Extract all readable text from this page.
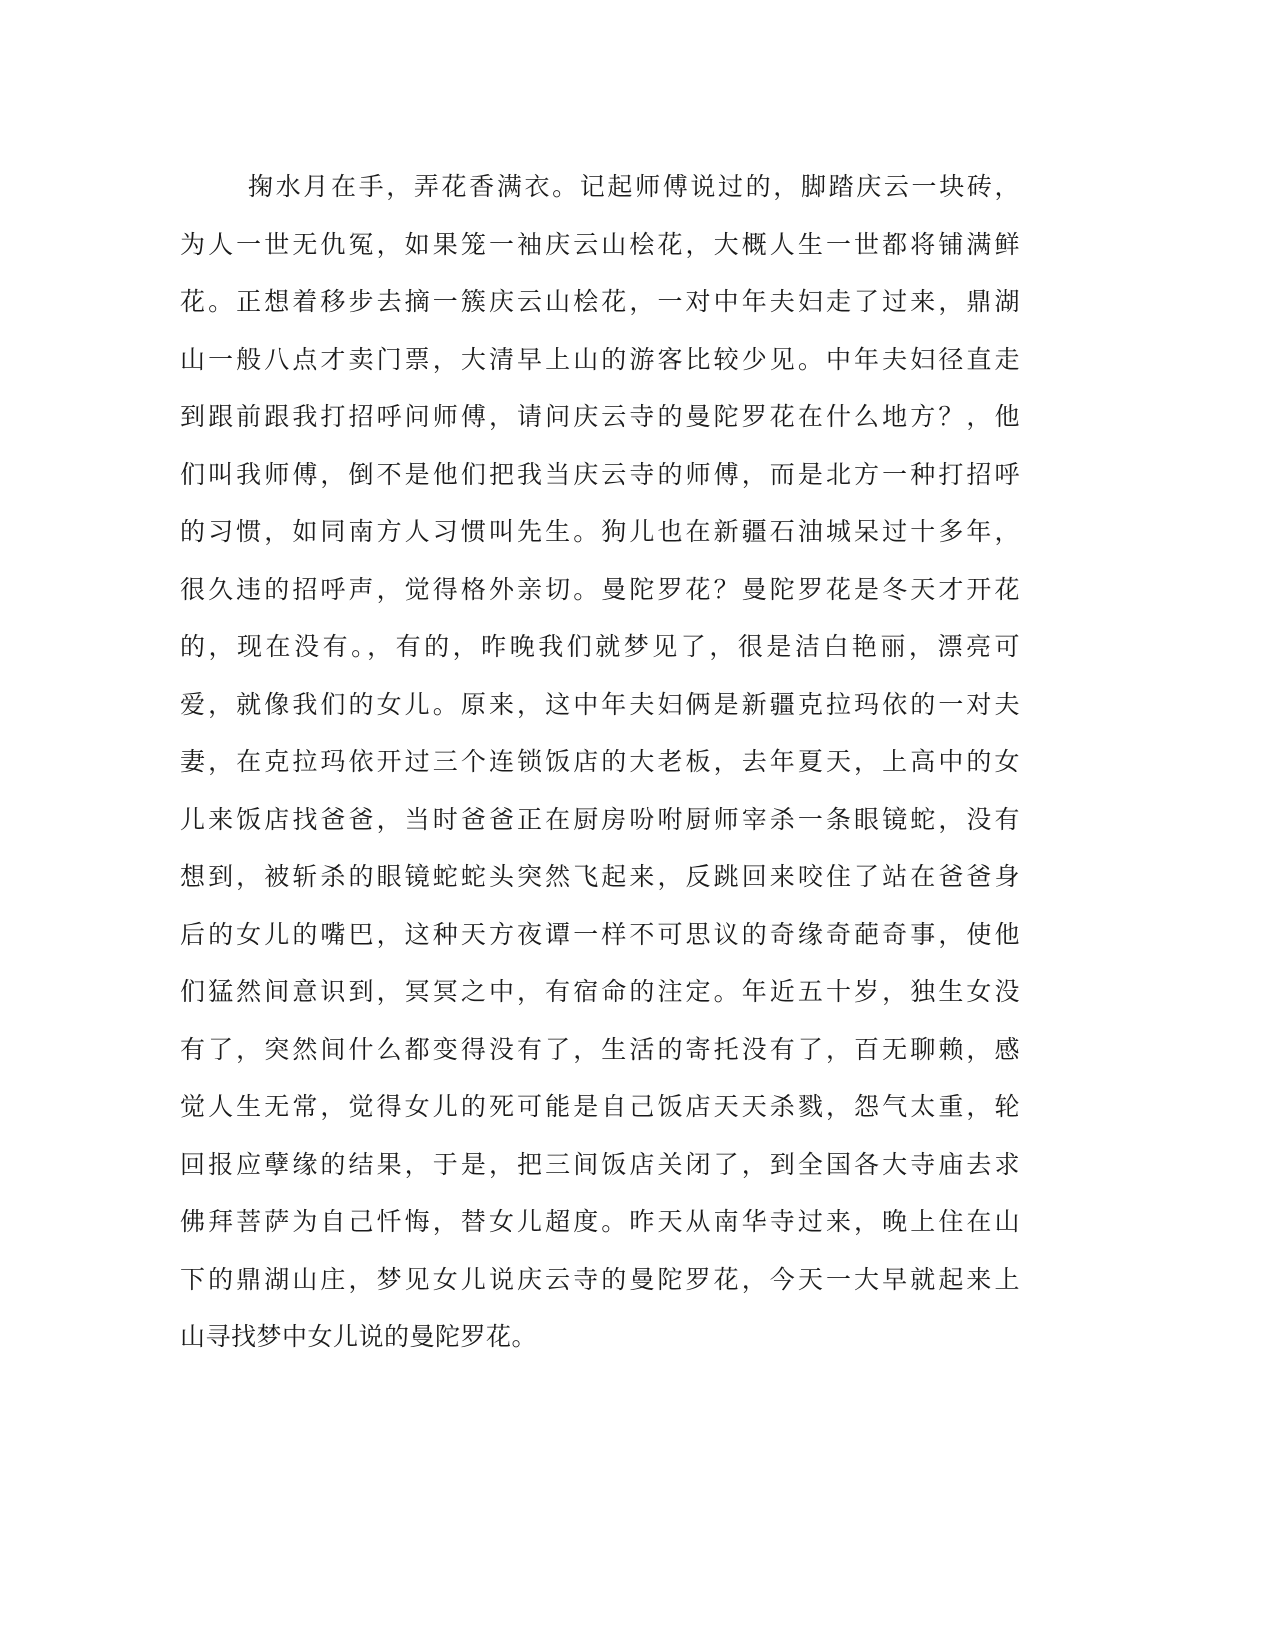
掬水月在手，弄花香满衣。记起师傅说过的，脚踏庆云一块砖，
为人一世无仇冤，如果笼一袖庆云山桧花，大概人生一世都将铺满鲜
花。正想着移步去摘一簇庆云山桧花，一对中年夫妇走了过来，鼎湖
山一般八点才卖门票，大清早上山的游客比较少见。中年夫妇径直走
到跟前跟我打招呼问师傅，请问庆云寺的曼陀罗花在什么地方？，他
们叫我师傅，倒不是他们把我当庆云寺的师傅，而是北方一种打招呼
的习惯，如同南方人习惯叫先生。狗儿也在新疆石油城呆过十多年，
很久违的招呼声，觉得格外亲切。曼陀罗花？曼陀罗花是冬天才开花
的，现在没有。，有的，昨晚我们就梦见了，很是洁白艳丽，漂亮可
爱，就像我们的女儿。原来，这中年夫妇俩是新疆克拉玛依的一对夫
妻，在克拉玛依开过三个连锁饭店的大老板，去年夏天，上高中的女
儿来饭店找爸爸，当时爸爸正在厨房吩咐厨师宰杀一条眼镜蛇，没有
想到，被斩杀的眼镜蛇蛇头突然飞起来，反跳回来咬住了站在爸爸身
后的女儿的嘴巴，这种天方夜谭一样不可思议的奇缘奇葩奇事，使他
们猛然间意识到，冥冥之中，有宿命的注定。年近五十岁，独生女没
有了，突然间什么都变得没有了，生活的寄托没有了，百无聊赖，感
觉人生无常，觉得女儿的死可能是自己饭店天天杀戮，怨气太重，轮
回报应孽缘的结果，于是，把三间饭店关闭了，到全国各大寺庙去求
佛拜菩萨为自己忏悔，替女儿超度。昨天从南华寺过来，晚上住在山
下的鼎湖山庄，梦见女儿说庆云寺的曼陀罗花，今天一大早就起来上
山寻找梦中女儿说的曼陀罗花。
